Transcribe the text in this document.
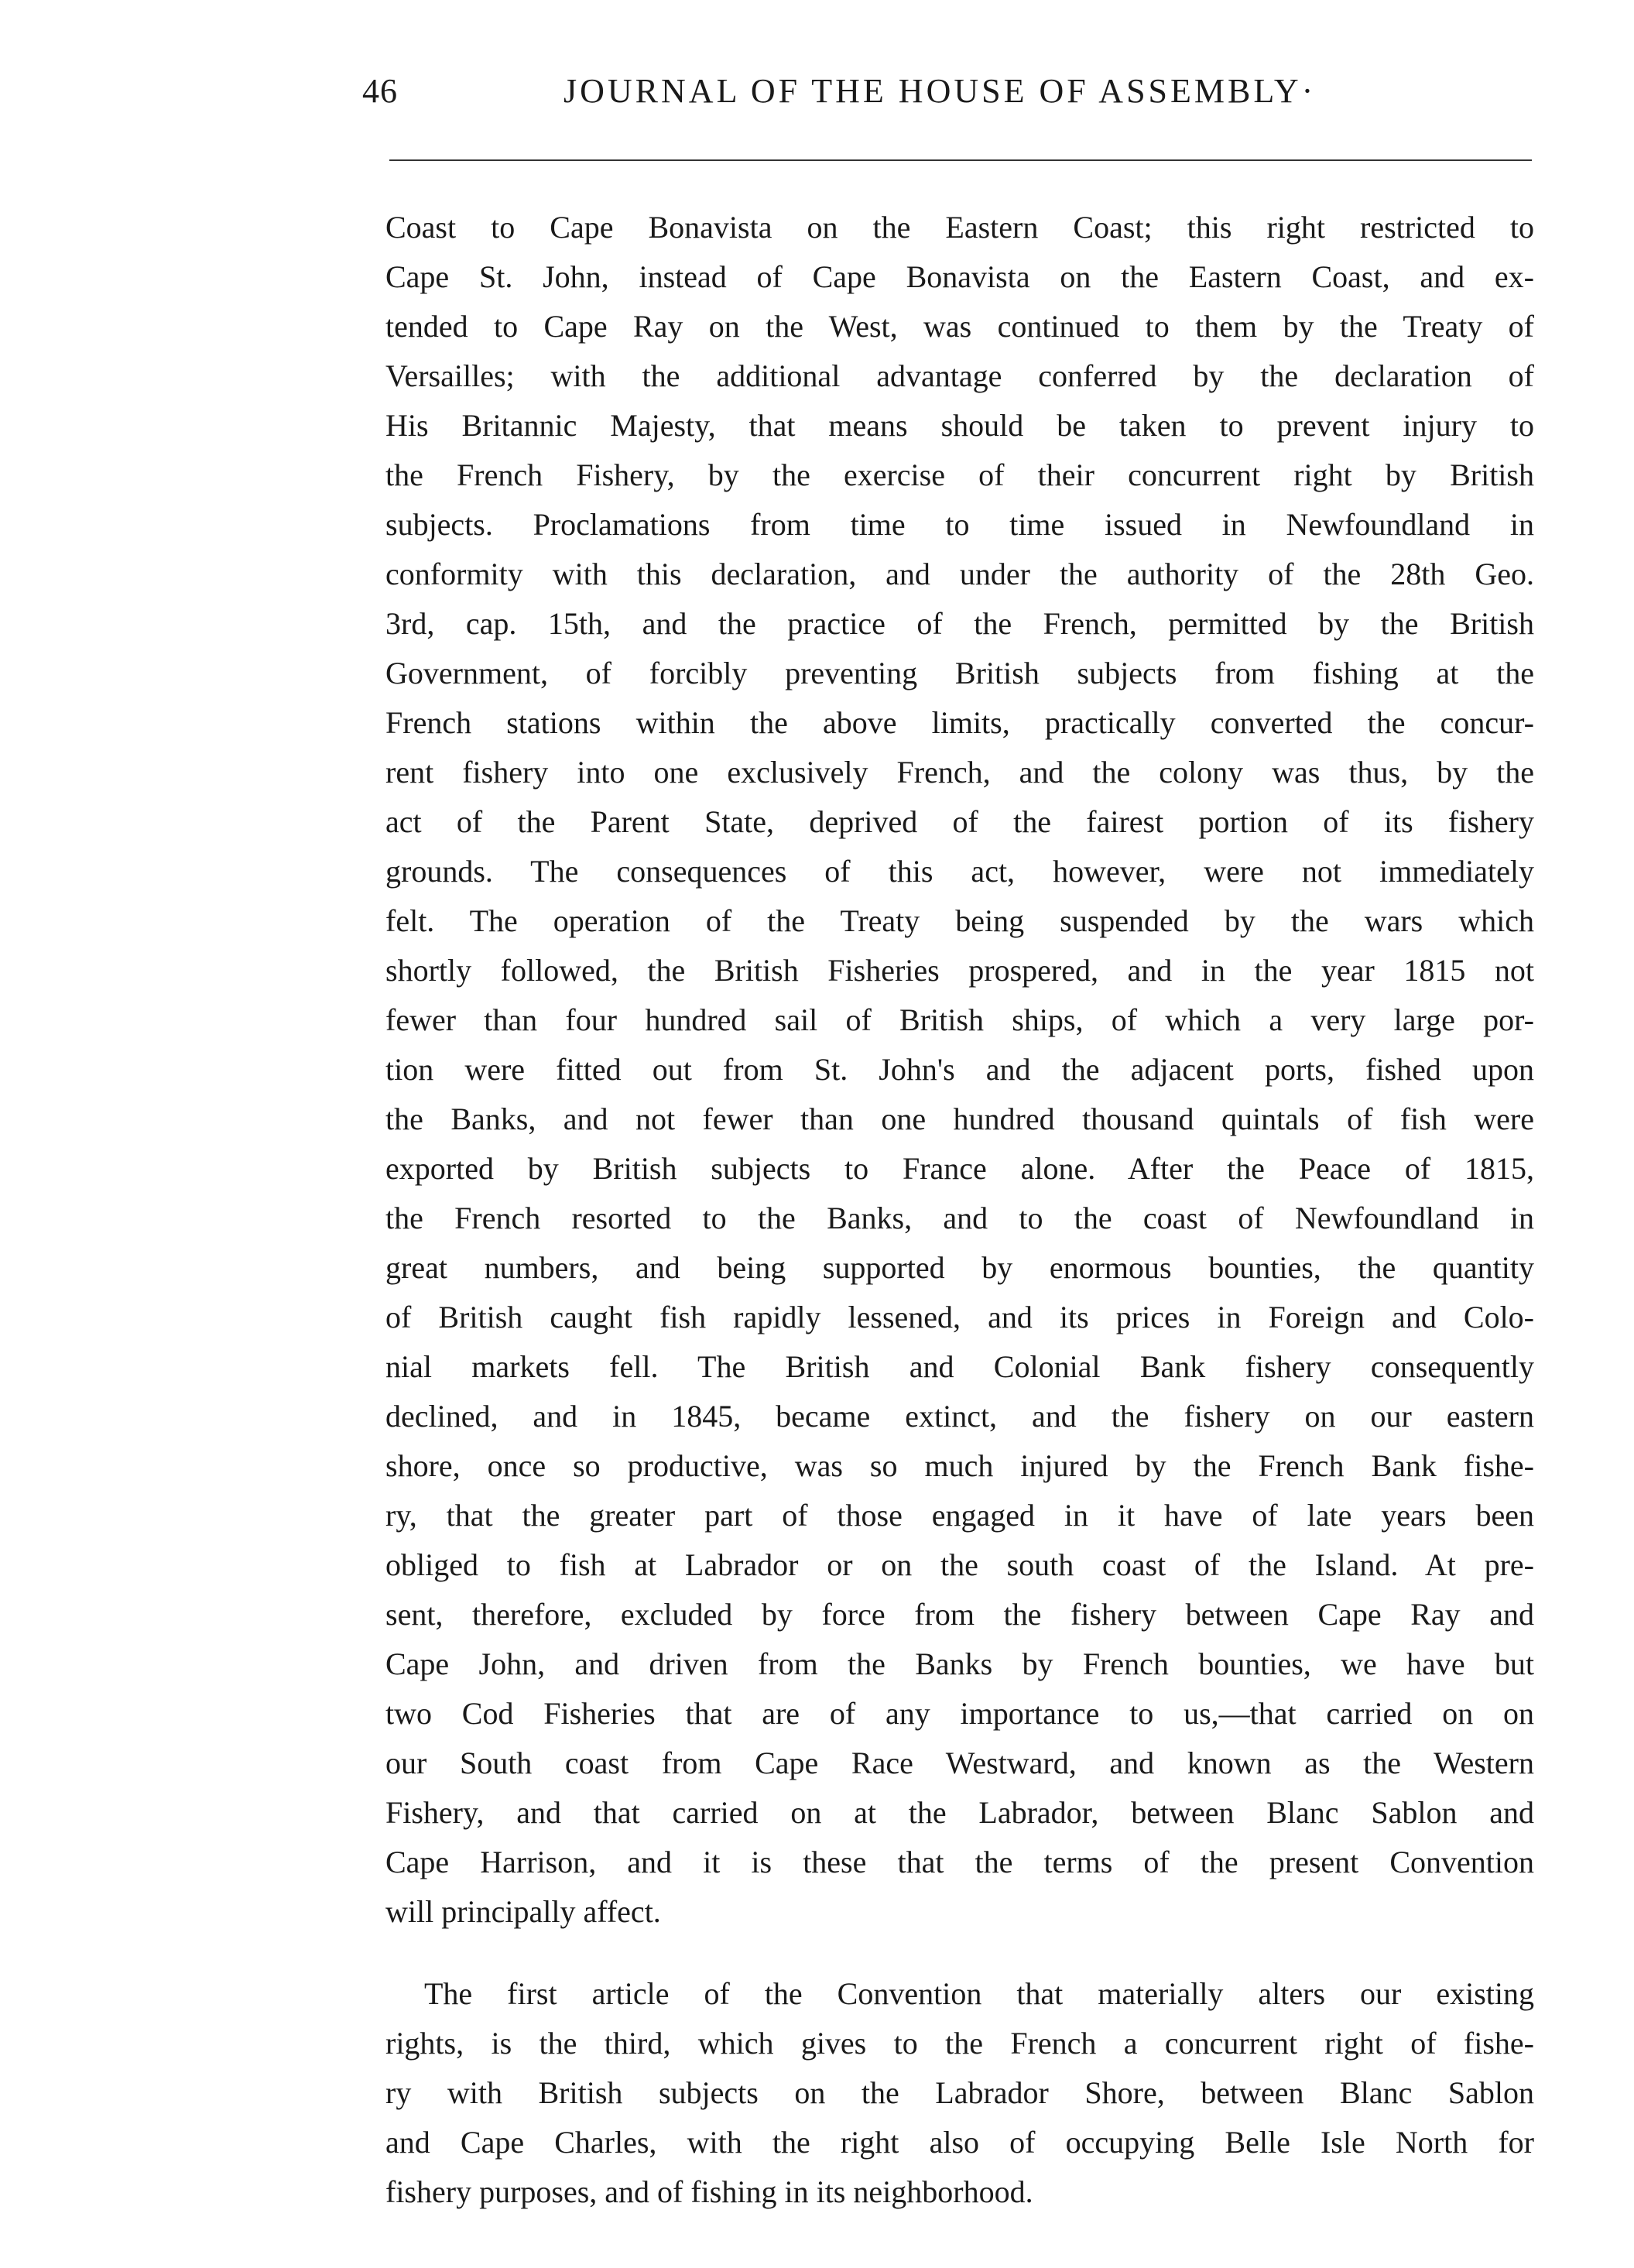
46	JOURNAL OF THE HOUSE OF ASSEMBLY·
Coast to Cape Bonavista on the Eastern Coast; this right restricted to
Cape St. John, instead of Cape Bonavista on the Eastern Coast, and ex-
tended to Cape Ray on the West, was continued to them by the Treaty of
Versailles; with the additional advantage conferred by the declaration of
His Britannic Majesty, that means should be taken to prevent injury to
the French Fishery, by the exercise of their concurrent right by British
subjects. Proclamations from time to time issued in Newfoundland in
conformity with this declaration, and under the authority of the 28th Geo.
3rd, cap. 15th, and the practice of the French, permitted by the British
Government, of forcibly preventing British subjects from fishing at the
French stations within the above limits, practically converted the concur-
rent fishery into one exclusively French, and the colony was thus, by the
act of the Parent State, deprived of the fairest portion of its fishery
grounds. The consequences of this act, however, were not immediately
felt. The operation of the Treaty being suspended by the wars which
shortly followed, the British Fisheries prospered, and in the year 1815 not
fewer than four hundred sail of British ships, of which a very large por-
tion were fitted out from St. John's and the adjacent ports, fished upon
the Banks, and not fewer than one hundred thousand quintals of fish were
exported by British subjects to France alone. After the Peace of 1815,
the French resorted to the Banks, and to the coast of Newfoundland in
great numbers, and being supported by enormous bounties, the quantity
of British caught fish rapidly lessened, and its prices in Foreign and Colo-
nial markets fell. The British and Colonial Bank fishery consequently
declined, and in 1845, became extinct, and the fishery on our eastern
shore, once so productive, was so much injured by the French Bank fishe-
ry, that the greater part of those engaged in it have of late years been
obliged to fish at Labrador or on the south coast of the Island. At pre-
sent, therefore, excluded by force from the fishery between Cape Ray and
Cape John, and driven from the Banks by French bounties, we have but
two Cod Fisheries that are of any importance to us,—that carried on on
our South coast from Cape Race Westward, and known as the Western
Fishery, and that carried on at the Labrador, between Blanc Sablon and
Cape Harrison, and it is these that the terms of the present Convention
will principally affect.
The first article of the Convention that materially alters our existing
rights, is the third, which gives to the French a concurrent right of fishe-
ry with British subjects on the Labrador Shore, between Blanc Sablon
and Cape Charles, with the right also of occupying Belle Isle North for
fishery purposes, and of fishing in its neighborhood.
